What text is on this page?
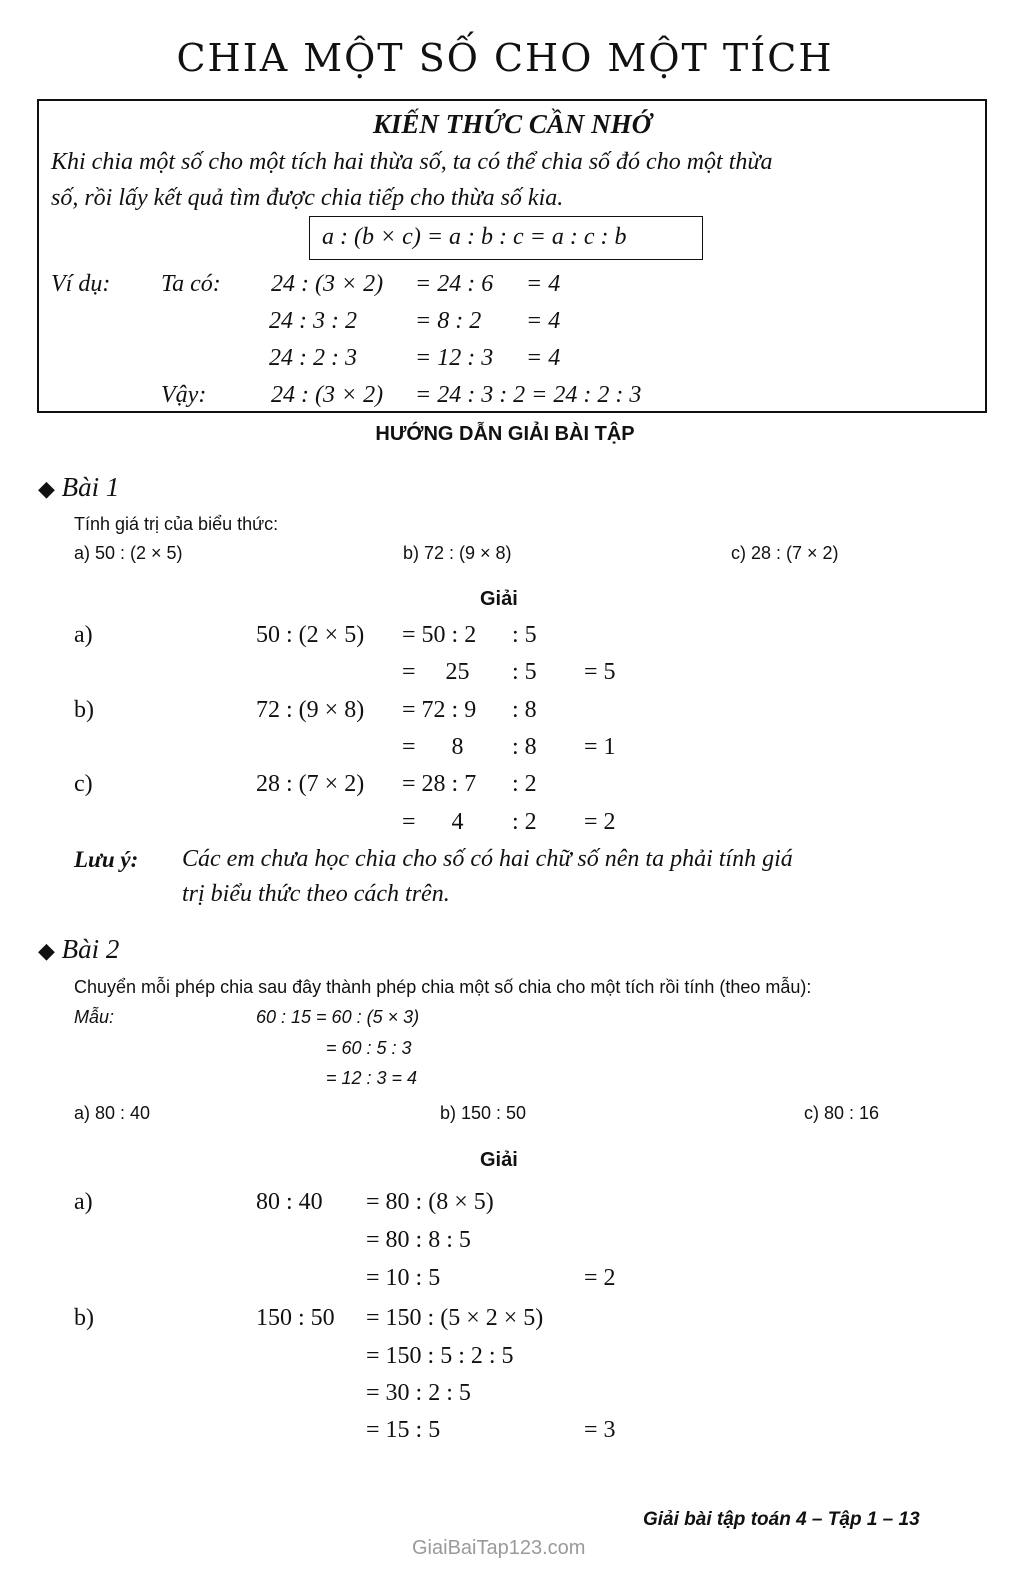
CHIA MỘT SỐ CHO MỘT TÍCH
KIẾN THỨC CẦN NHỚ
Khi chia một số cho một tích hai thừa số, ta có thể chia số đó cho một thừa
số, rồi lấy kết quả tìm được chia tiếp cho thừa số kia.
a : (b × c) = a : b : c = a : c : b
Ví dụ: Ta có:
Vậy:
24 : (3 × 2) = 24 : 6 = 4
24 : 3 : 2 = 8 : 2 = 4
24 : 2 : 3 = 12 : 3 = 4
24 : (3 × 2) = 24 : 3 : 2 = 24 : 2 : 3
HƯỚNG DẪN GIẢI BÀI TẬP
◆ Bài 1
Tính giá trị của biểu thức:
a) 50 : (2 × 5)	b) 72 : (9 × 8)	c) 28 : (7 × 2)
Giải
a)	50 : (2 × 5) = 50 : 2 : 5
=     25 : 5 = 5
b)	72 : (9 × 8) = 72 : 9 : 8
=      8 : 8 = 1
c)	28 : (7 × 2) = 28 : 7 : 2
=      4 : 2 = 2
Lưu ý: Các em chưa học chia cho số có hai chữ số nên ta phải tính giá
trị biểu thức theo cách trên.
◆ Bài 2
Chuyển mỗi phép chia sau đây thành phép chia một số chia cho một tích rồi tính (theo mẫu):
Mẫu:	60 : 15 = 60 : (5 × 3)
= 60 : 5 : 3
= 12 : 3 = 4
a) 80 : 40	b) 150 : 50	c) 80 : 16
Giải
a)	80 : 40 = 80 : (8 × 5)
= 80 : 8 : 5
= 10 : 5	= 2
b)	150 : 50 = 150 : (5 × 2 × 5)
= 150 : 5 : 2 : 5
= 30 : 2 : 5
= 15 : 5	= 3
Giải bài tập toán 4 – Tập 1 – 13
GiaiBaiTap123.com
